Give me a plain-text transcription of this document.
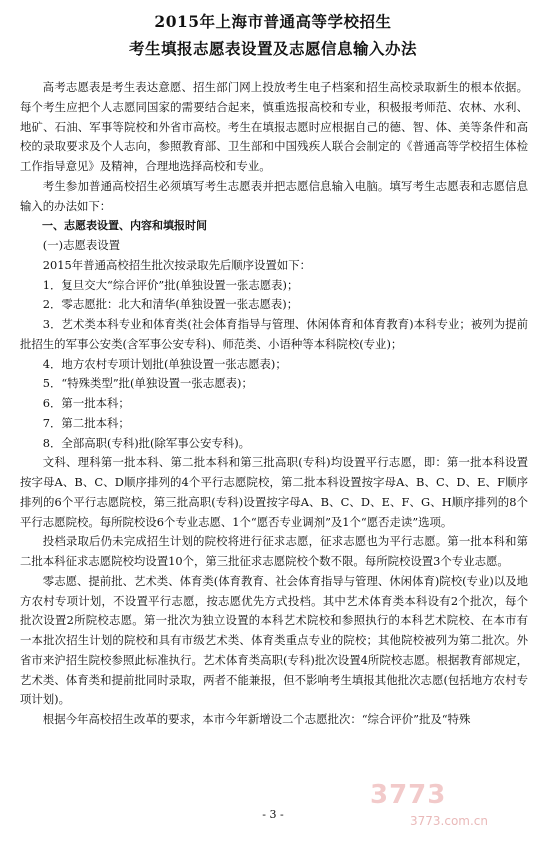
2015年上海市普通高等学校招生
考生填报志愿表设置及志愿信息输入办法

高考志愿表是考生表达意愿、招生部门网上投放考生电子档案和招生高校录取新生的根本依据。每个考生应把个人志愿同国家的需要结合起来，慎重选报高校和专业，积极报考师范、农林、水利、地矿、石油、军事等院校和外省市高校。考生在填报志愿时应根据自己的德、智、体、美等条件和高校的录取要求及个人志向，参照教育部、卫生部和中国残疾人联合会制定的《普通高等学校招生体检工作指导意见》及精神，合理地选择高校和专业。

考生参加普通高校招生必须填写考生志愿表并把志愿信息输入电脑。填写考生志愿表和志愿信息输入的办法如下：

一、志愿表设置、内容和填报时间

(一)志愿表设置

2015年普通高校招生批次按录取先后顺序设置如下：

1．复旦交大“综合评价”批(单独设置一张志愿表)；

2．零志愿批：北大和清华(单独设置一张志愿表)；

3．艺术类本科专业和体育类(社会体育指导与管理、休闲体育和体育教育)本科专业；被列为提前批招生的军事公安类(含军事公安专科)、师范类、小语种等本科院校(专业)；

4．地方农村专项计划批(单独设置一张志愿表)；

5．“特殊类型”批(单独设置一张志愿表)；

6．第一批本科；

7．第二批本科；

8．全部高职(专科)批(除军事公安专科)。

文科、理科第一批本科、第二批本科和第三批高职(专科)均设置平行志愿，即：第一批本科设置按字母A、B、C、D顺序排列的4个平行志愿院校，第二批本科设置按字母A、B、C、D、E、F顺序排列的6个平行志愿院校，第三批高职(专科)设置按字母A、B、C、D、E、F、G、H顺序排列的8个平行志愿院校。每所院校设6个专业志愿、1个“愿否专业调剂”及1个“愿否走读”选项。

投档录取后仍未完成招生计划的院校将进行征求志愿，征求志愿也为平行志愿。第一批本科和第二批本科征求志愿院校均设置10个，第三批征求志愿院校个数不限。每所院校设置3个专业志愿。

零志愿、提前批、艺术类、体育类(体育教育、社会体育指导与管理、休闲体育)院校(专业)以及地方农村专项计划，不设置平行志愿，按志愿优先方式投档。其中艺术体育类本科设有2个批次，每个批次设置2所院校志愿。第一批次为独立设置的本科艺术院校和参照执行的本科艺术院校、在本市有一本批次招生计划的院校和具有市级艺术类、体育类重点专业的院校；其他院校被列为第二批次。外省市来沪招生院校参照此标准执行。艺术体育类高职(专科)批次设置4所院校志愿。根据教育部规定，艺术类、体育类和提前批同时录取，两者不能兼报，但不影响考生填报其他批次志愿(包括地方农村专项计划)。

根据今年高校招生改革的要求，本市今年新增设二个志愿批次：“综合评价”批及“特殊

- 3 -
3773
3773.com.cn
